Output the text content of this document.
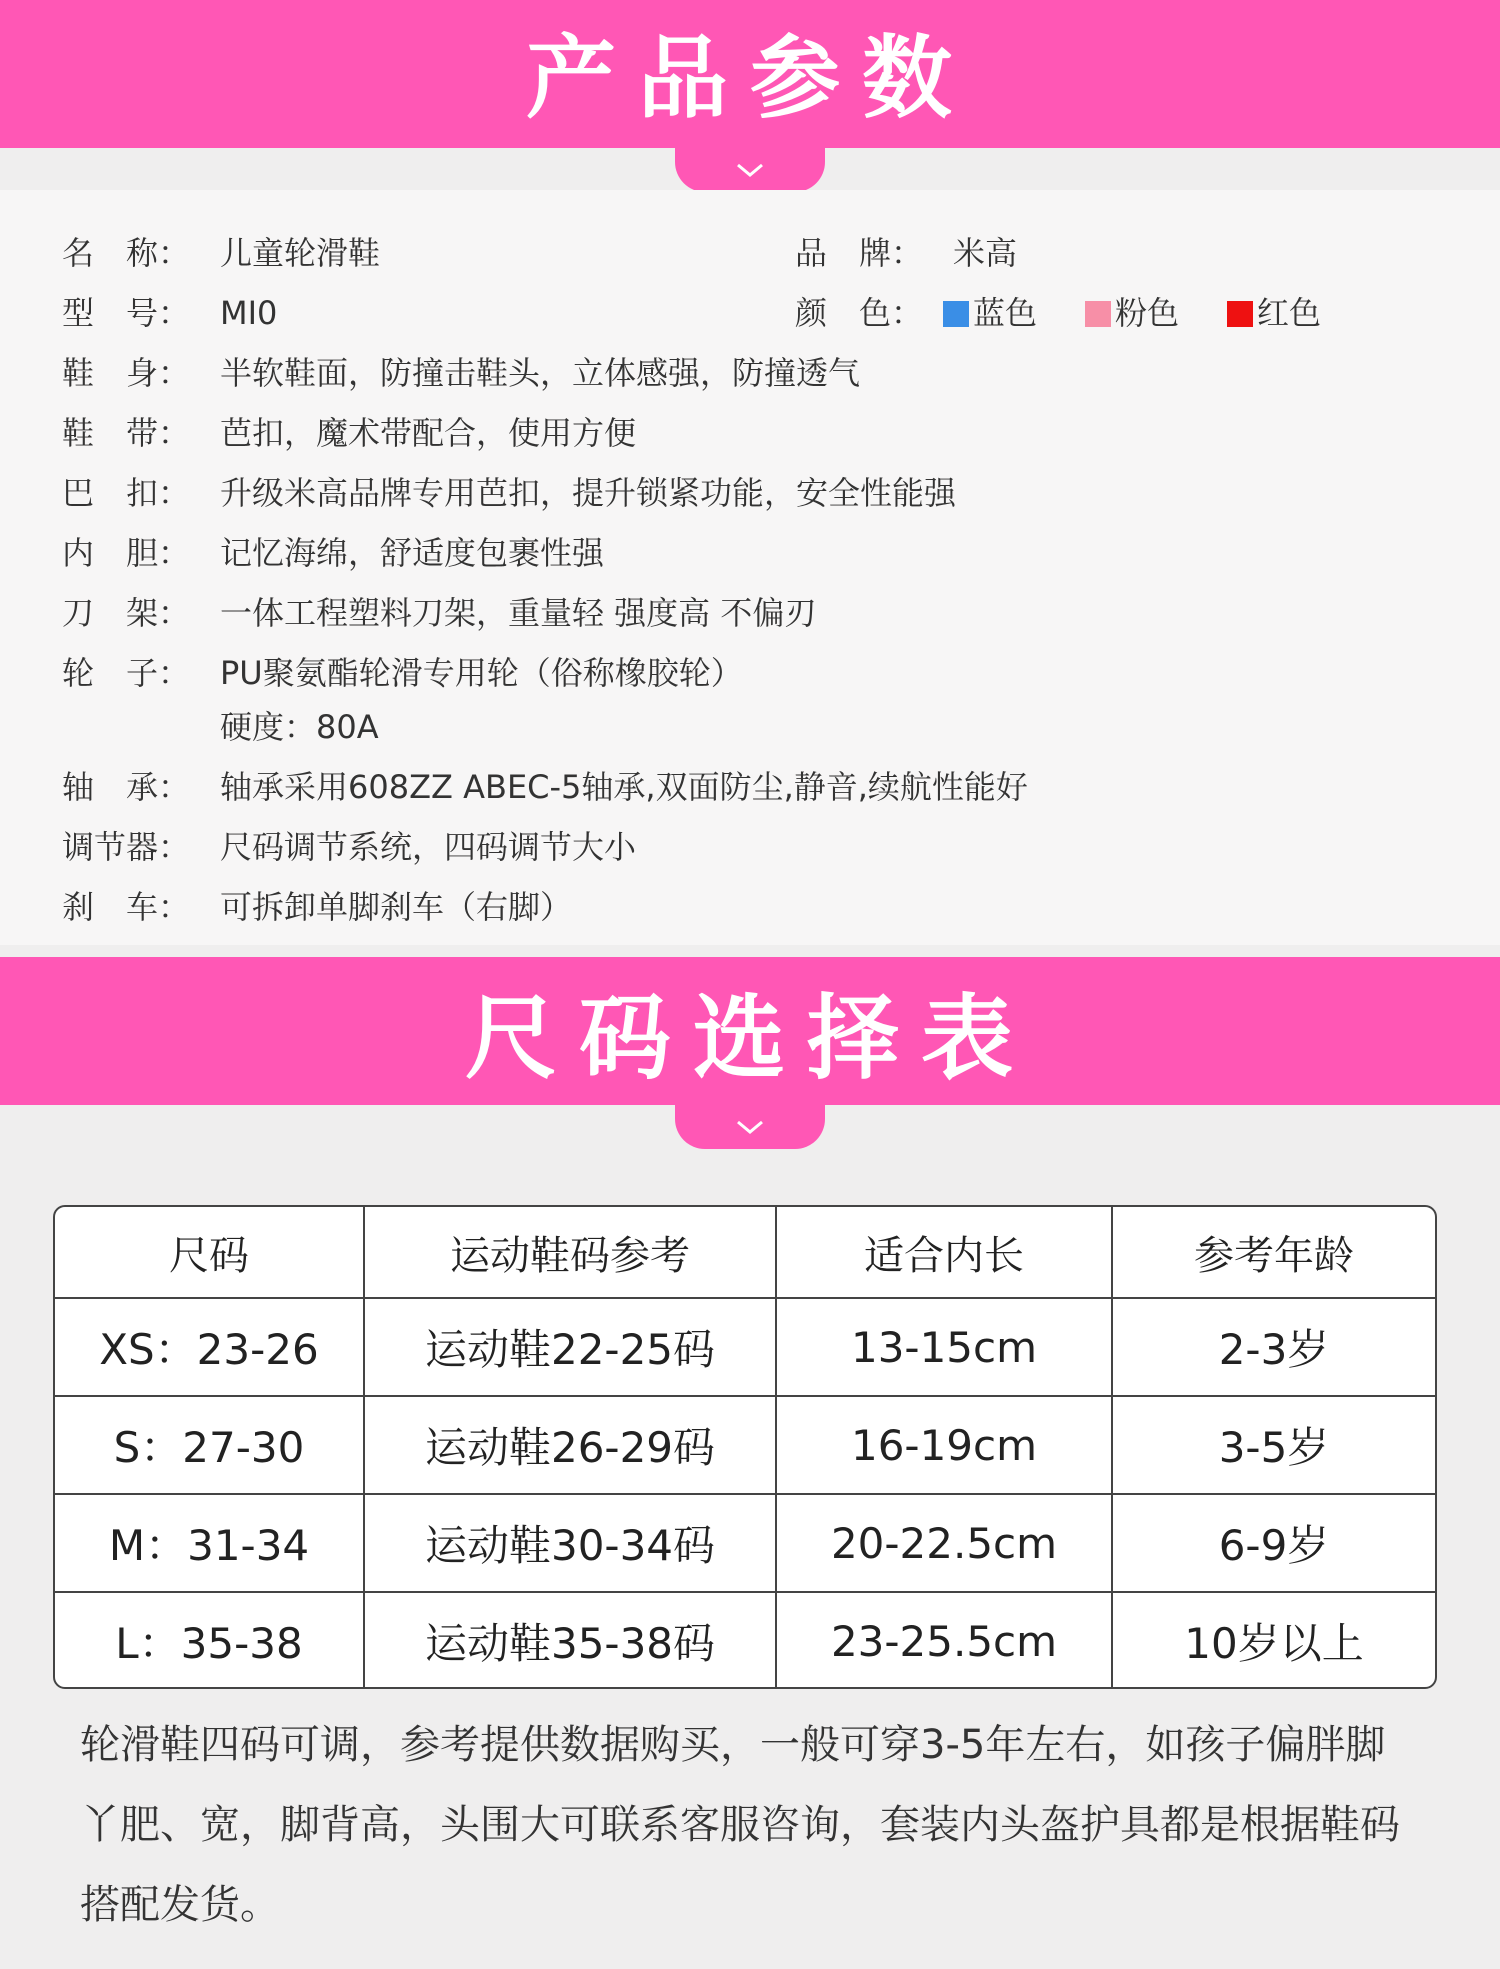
产品参数
名　称： 儿童轮滑鞋	品　牌： 米高
型　号： MI0	颜　色： 蓝色 粉色 红色
鞋　身： 半软鞋面，防撞击鞋头，立体感强，防撞透气
鞋　带： 芭扣，魔术带配合，使用方便
巴　扣： 升级米高品牌专用芭扣，提升锁紧功能，安全性能强
内　胆： 记忆海绵，舒适度包裹性强
刀　架： 一体工程塑料刀架，重量轻 强度高 不偏刃
轮　子： PU聚氨酯轮滑专用轮（俗称橡胶轮）
硬度：80A
轴　承： 轴承采用608ZZ ABEC-5轴承,双面防尘,静音,续航性能好
调节器： 尺码调节系统，四码调节大小
刹　车： 可拆卸单脚刹车（右脚）
尺码选择表
尺码	运动鞋码参考	适合内长	参考年龄
XS：23-26	运动鞋22-25码	13-15cm	2-3岁
S：27-30	运动鞋26-29码	16-19cm	3-5岁
M：31-34	运动鞋30-34码	20-22.5cm	6-9岁
L：35-38	运动鞋35-38码	23-25.5cm	10岁以上
轮滑鞋四码可调，参考提供数据购买，一般可穿3-5年左右，如孩子偏胖脚丫肥、宽，脚背高，头围大可联系客服咨询，套装内头盔护具都是根据鞋码搭配发货。
